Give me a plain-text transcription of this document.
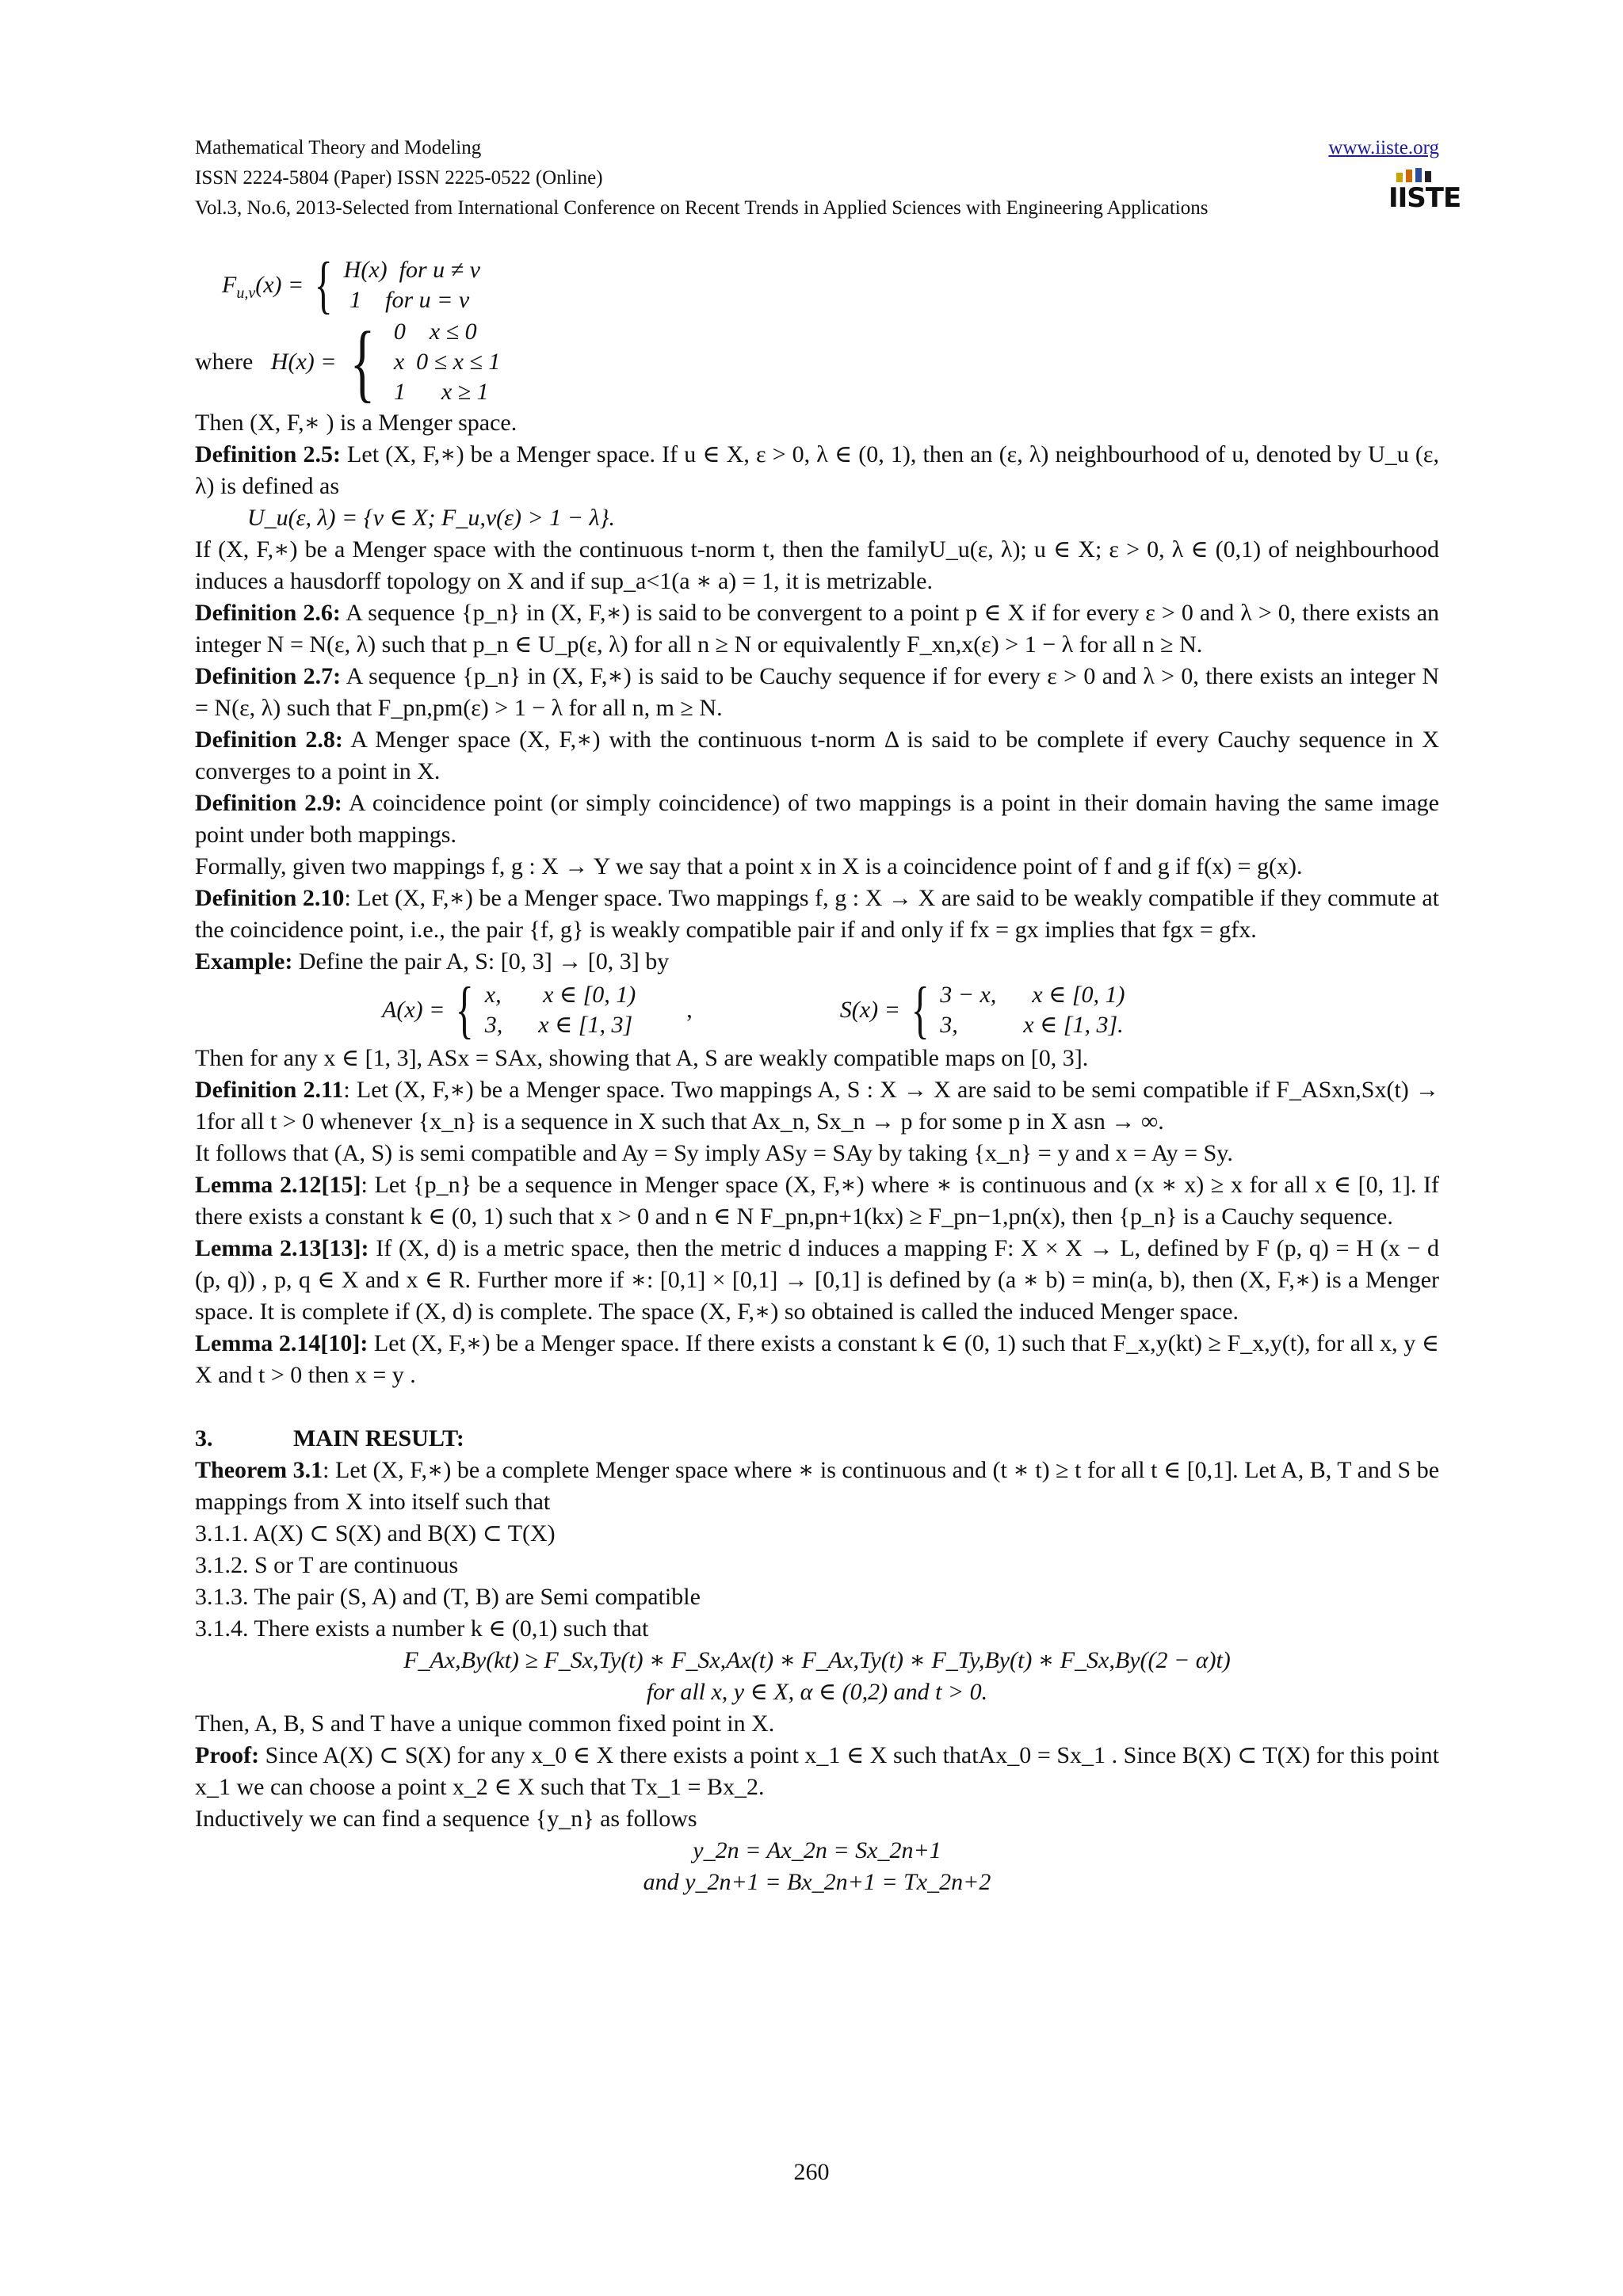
Mathematical Theory and Modeling	www.iiste.org
ISSN 2224-5804 (Paper) ISSN 2225-0522 (Online)
Vol.3, No.6, 2013-Selected from International Conference on Recent Trends in Applied Sciences with Engineering Applications	IISTE
$F_{u,v}(x)$ = { H(x)  for u ≠ v
1    for u = v
where   H(x) = { 0    x ≤ 0
x  0 ≤ x ≤ 1
1      x ≥ 1

Then (X, F,∗ ) is a Menger space.

Definition 2.5: Let (X, F,∗) be a Menger space. If u ∈ X, ε > 0, λ ∈ (0, 1), then an (ε, λ) neighbourhood of u, denoted by U_u (ε, λ) is defined as

U_u(ε, λ) = {v ∈ X; F_u,v(ε) > 1 − λ}.

If (X, F,∗) be a Menger space with the continuous t-norm t, then the familyU_u(ε, λ); u ∈ X; ε > 0, λ ∈ (0,1) of neighbourhood induces a hausdorff topology on X and if sup_a<1(a ∗ a) = 1, it is metrizable.

Definition 2.6: A sequence {p_n} in (X, F,∗) is said to be convergent to a point p ∈ X if for every ε > 0 and λ > 0, there exists an integer N = N(ε, λ) such that p_n ∈ U_p(ε, λ) for all n ≥ N or equivalently F_xn,x(ε) > 1 − λ for all n ≥ N.

Definition 2.7: A sequence {p_n} in (X, F,∗) is said to be Cauchy sequence if for every ε > 0 and λ > 0, there exists an integer N = N(ε, λ) such that F_pn,pm(ε) > 1 − λ for all n, m ≥ N.

Definition 2.8: A Menger space (X, F,∗) with the continuous t-norm Δ is said to be complete if every Cauchy sequence in X converges to a point in X.

Definition 2.9: A coincidence point (or simply coincidence) of two mappings is a point in their domain having the same image point under both mappings.

Formally, given two mappings f, g : X → Y we say that a point x in X is a coincidence point of f and g if f(x) = g(x).

Definition 2.10: Let (X, F,∗) be a Menger space. Two mappings f, g : X → X are said to be weakly compatible if they commute at the coincidence point, i.e., the pair {f, g} is weakly compatible pair if and only if fx = gx implies that fgx = gfx.

Example: Define the pair A, S: [0, 3] → [0, 3] by

A(x) = { x,       x ∈ [0, 1)
3,      x ∈ [1, 3]
,	S(x) = { 3 − x,      x ∈ [0, 1)
3,           x ∈ [1, 3].

Then for any x ∈ [1, 3], ASx = SAx, showing that A, S are weakly compatible maps on [0, 3].

Definition 2.11: Let (X, F,∗) be a Menger space. Two mappings A, S : X → X are said to be semi compatible if F_ASxn,Sx(t) → 1for all t > 0 whenever {x_n} is a sequence in X such that Ax_n, Sx_n → p for some p in X asn → ∞.

It follows that (A, S) is semi compatible and Ay = Sy imply ASy = SAy by taking {x_n} = y and x = Ay = Sy.

Lemma 2.12[15]: Let {p_n} be a sequence in Menger space (X, F,∗) where ∗ is continuous and (x ∗ x) ≥ x for all x ∈ [0, 1]. If there exists a constant k ∈ (0, 1) such that x > 0 and n ∈ N F_pn,pn+1(kx) ≥ F_pn−1,pn(x), then {p_n} is a Cauchy sequence.

Lemma 2.13[13]: If (X, d) is a metric space, then the metric d induces a mapping F: X × X → L, defined by F (p, q) = H (x − d (p, q)) , p, q ∈ X and x ∈ R. Further more if ∗: [0,1] × [0,1] → [0,1] is defined by (a ∗ b) = min(a, b), then (X, F,∗) is a Menger space. It is complete if (X, d) is complete. The space (X, F,∗) so obtained is called the induced Menger space.

Lemma 2.14[10]: Let (X, F,∗) be a Menger space. If there exists a constant k ∈ (0, 1) such that F_x,y(kt) ≥ F_x,y(t), for all x, y ∈ X and t > 0 then x = y .

3.	MAIN RESULT:

Theorem 3.1: Let (X, F,∗) be a complete Menger space where ∗ is continuous and (t ∗ t) ≥ t for all t ∈ [0,1]. Let A, B, T and S be mappings from X into itself such that

3.1.1. A(X) ⊂ S(X) and B(X) ⊂ T(X)

3.1.2. S or T are continuous

3.1.3. The pair (S, A) and (T, B) are Semi compatible

3.1.4. There exists a number k ∈ (0,1) such that

F_Ax,By(kt) ≥ F_Sx,Ty(t) ∗ F_Sx,Ax(t) ∗ F_Ax,Ty(t) ∗ F_Ty,By(t) ∗ F_Sx,By((2 − α)t)

for all x, y ∈ X, α ∈ (0,2) and t > 0.

Then, A, B, S and T have a unique common fixed point in X.

Proof: Since A(X) ⊂ S(X) for any x_0 ∈ X there exists a point x_1 ∈ X such thatAx_0 = Sx_1 . Since B(X) ⊂ T(X) for this point x_1 we can choose a point x_2 ∈ X such that Tx_1 = Bx_2.

Inductively we can find a sequence {y_n} as follows

y_2n = Ax_2n = Sx_2n+1

and y_2n+1 = Bx_2n+1 = Tx_2n+2

260
